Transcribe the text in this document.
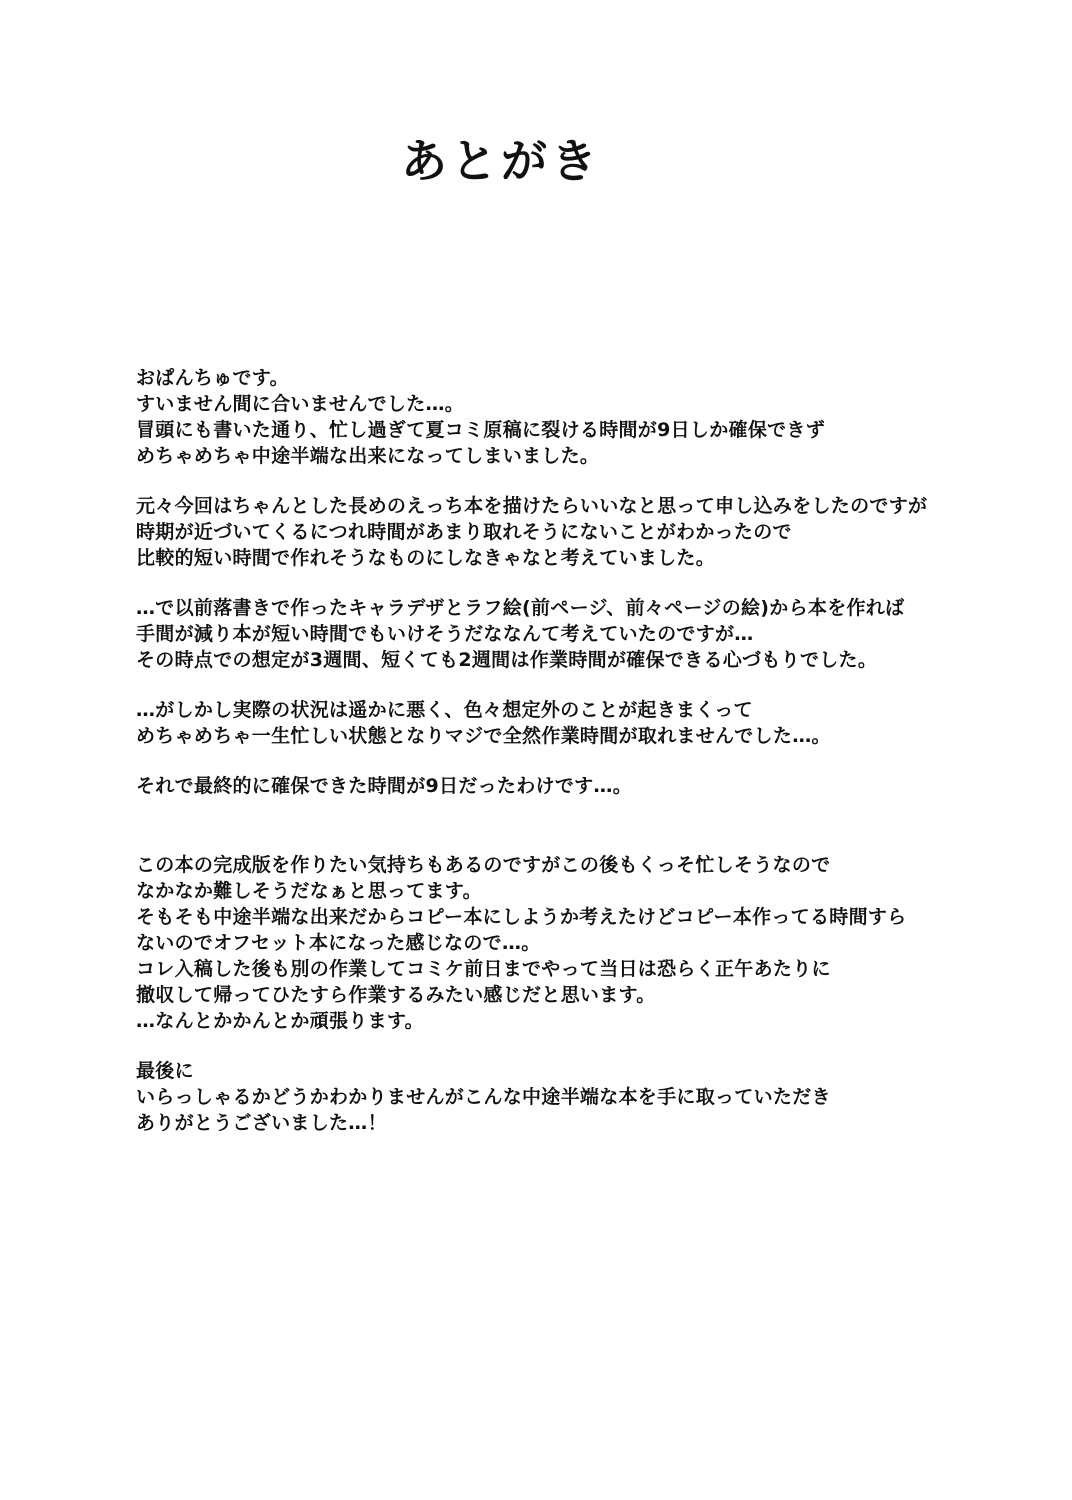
あとがき
おぱんちゅです。
すいません間に合いませんでした…。
冒頭にも書いた通り、忙し過ぎて夏コミ原稿に裂ける時間が9日しか確保できず
めちゃめちゃ中途半端な出来になってしまいました。
元々今回はちゃんとした長めのえっち本を描けたらいいなと思って申し込みをしたのですが
時期が近づいてくるにつれ時間があまり取れそうにないことがわかったので
比較的短い時間で作れそうなものにしなきゃなと考えていました。
…で以前落書きで作ったキャラデザとラフ絵(前ページ、前々ページの絵)から本を作れば
手間が減り本が短い時間でもいけそうだななんて考えていたのですが…
その時点での想定が3週間、短くても2週間は作業時間が確保できる心づもりでした。
…がしかし実際の状況は遥かに悪く、色々想定外のことが起きまくって
めちゃめちゃ一生忙しい状態となりマジで全然作業時間が取れませんでした…。
それで最終的に確保できた時間が9日だったわけです…。
この本の完成版を作りたい気持ちもあるのですがこの後もくっそ忙しそうなので
なかなか難しそうだなぁと思ってます。
そもそも中途半端な出来だからコピー本にしようか考えたけどコピー本作ってる時間すら
ないのでオフセット本になった感じなので…。
コレ入稿した後も別の作業してコミケ前日までやって当日は恐らく正午あたりに
撤収して帰ってひたすら作業するみたい感じだと思います。
…なんとかかんとか頑張ります。
最後に
いらっしゃるかどうかわかりませんがこんな中途半端な本を手に取っていただき
ありがとうございました…！
